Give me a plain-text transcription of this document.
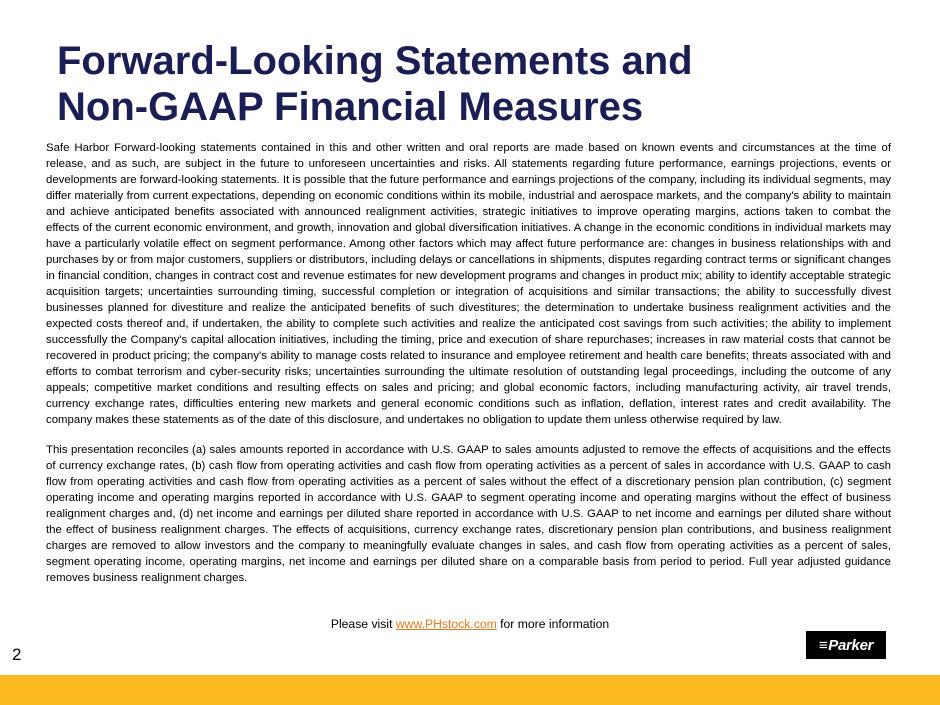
Forward-Looking Statements and
Non-GAAP Financial Measures

Safe Harbor Forward-looking statements contained in this and other written and oral reports are made based on known events and circumstances at the time of release, and as such, are subject in the future to unforeseen uncertainties and risks. All statements regarding future performance, earnings projections, events or developments are forward-looking statements. It is possible that the future performance and earnings projections of the company, including its individual segments, may differ materially from current expectations, depending on economic conditions within its mobile, industrial and aerospace markets, and the company's ability to maintain and achieve anticipated benefits associated with announced realignment activities, strategic initiatives to improve operating margins, actions taken to combat the effects of the current economic environment, and growth, innovation and global diversification initiatives. A change in the economic conditions in individual markets may have a particularly volatile effect on segment performance. Among other factors which may affect future performance are: changes in business relationships with and purchases by or from major customers, suppliers or distributors, including delays or cancellations in shipments, disputes regarding contract terms or significant changes in financial condition, changes in contract cost and revenue estimates for new development programs and changes in product mix; ability to identify acceptable strategic acquisition targets; uncertainties surrounding timing, successful completion or integration of acquisitions and similar transactions; the ability to successfully divest businesses planned for divestiture and realize the anticipated benefits of such divestitures; the determination to undertake business realignment activities and the expected costs thereof and, if undertaken, the ability to complete such activities and realize the anticipated cost savings from such activities; the ability to implement successfully the Company's capital allocation initiatives, including the timing, price and execution of share repurchases; increases in raw material costs that cannot be recovered in product pricing; the company's ability to manage costs related to insurance and employee retirement and health care benefits; threats associated with and efforts to combat terrorism and cyber-security risks; uncertainties surrounding the ultimate resolution of outstanding legal proceedings, including the outcome of any appeals; competitive market conditions and resulting effects on sales and pricing; and global economic factors, including manufacturing activity, air travel trends, currency exchange rates, difficulties entering new markets and general economic conditions such as inflation, deflation, interest rates and credit availability. The company makes these statements as of the date of this disclosure, and undertakes no obligation to update them unless otherwise required by law.

This presentation reconciles (a) sales amounts reported in accordance with U.S. GAAP to sales amounts adjusted to remove the effects of acquisitions and the effects of currency exchange rates, (b) cash flow from operating activities and cash flow from operating activities as a percent of sales in accordance with U.S. GAAP to cash flow from operating activities and cash flow from operating activities as a percent of sales without the effect of a discretionary pension plan contribution, (c) segment operating income and operating margins reported in accordance with U.S. GAAP to segment operating income and operating margins without the effect of business realignment charges and, (d) net income and earnings per diluted share reported in accordance with U.S. GAAP to net income and earnings per diluted share without the effect of business realignment charges. The effects of acquisitions, currency exchange rates, discretionary pension plan contributions, and business realignment charges are removed to allow investors and the company to meaningfully evaluate changes in sales, and cash flow from operating activities as a percent of sales, segment operating income, operating margins, net income and earnings per diluted share on a comparable basis from period to period. Full year adjusted guidance removes business realignment charges.

Please visit www.PHstock.com for more information
2	≡ Parker
